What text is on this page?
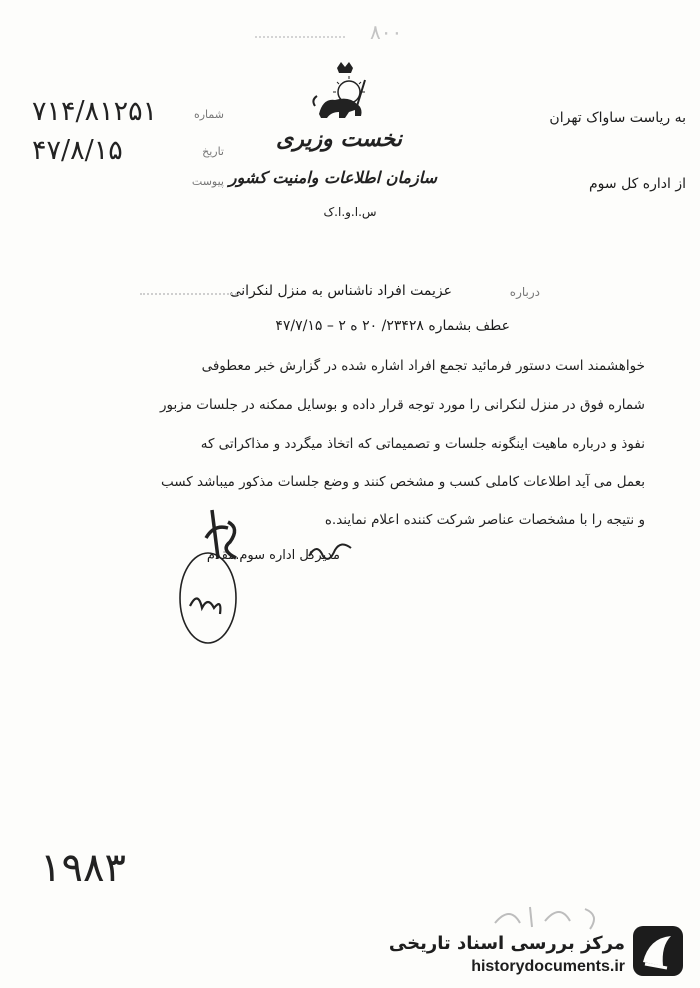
۸۰۰
نخست وزیری
سازمان اطلاعات وامنیت کشور
س.ا.و.ا.ک
شماره
تاریخ
پیوست
۷۱۴/۸۱۲۵۱
۴۷/۸/۱۵
به ریاست ساواک تهران
از اداره کل سوم
درباره
عزیمت افراد ناشناس به منزل لنکرانی
عطف بشماره ۲۳۴۲۸/ ۲۰ ه ۲ – ۴۷/۷/۱۵
خواهشمند است دستور فرمائید تجمع افراد اشاره شده در گزارش خبر معطوفی
شماره فوق در منزل لنکرانی را مورد توجه قرار داده و بوسایل ممکنه در جلسات مزبور
نفوذ و درباره ماهیت اینگونه جلسات و تصمیماتی که اتخاذ میگردد و مذاکراتی که
بعمل می آید اطلاعات کاملی کسب و مشخص کنند و وضع جلسات مذکور میباشد کسب
و نتیجه را با مشخصات عناصر شرکت کننده اعلام نمایند.ه
مدیرکل اداره سوم.مقدم
۱۹۸۳
مرکز بررسی اسناد تاریخی
historydocuments.ir
